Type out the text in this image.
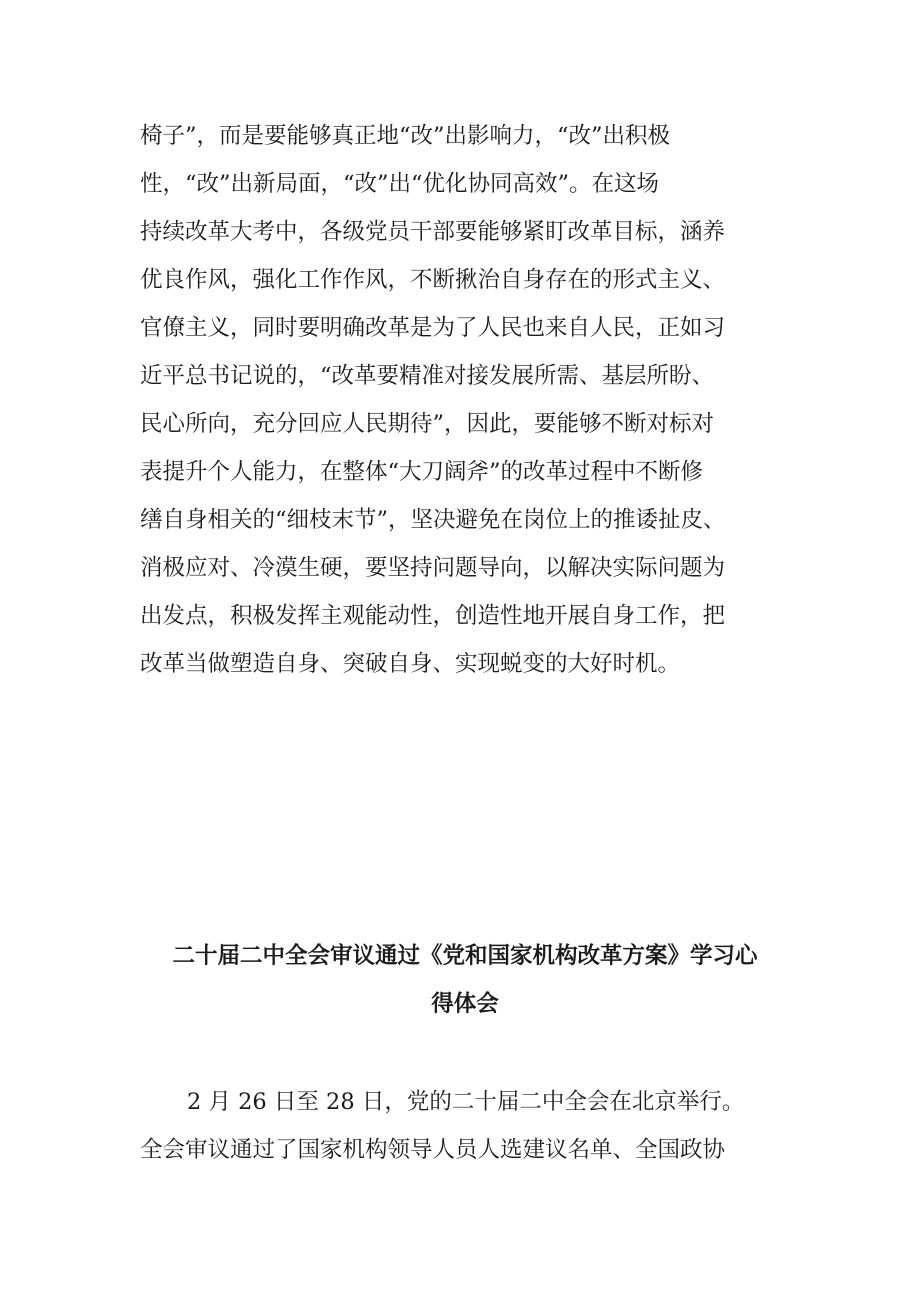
椅子”，而是要能够真正地“改”出影响力，“改”出积极
性，“改”出新局面，“改”出“优化协同高效”。在这场
持续改革大考中，各级党员干部要能够紧盯改革目标，涵养
优良作风，强化工作作风，不断揪治自身存在的形式主义、
官僚主义，同时要明确改革是为了人民也来自人民，正如习
近平总书记说的，“改革要精准对接发展所需、基层所盼、
民心所向，充分回应人民期待”，因此，要能够不断对标对
表提升个人能力，在整体“大刀阔斧”的改革过程中不断修
缮自身相关的“细枝末节”，坚决避免在岗位上的推诿扯皮、
消极应对、冷漠生硬，要坚持问题导向，以解决实际问题为
出发点，积极发挥主观能动性，创造性地开展自身工作，把
改革当做塑造自身、突破自身、实现蜕变的大好时机。
二十届二中全会审议通过《党和国家机构改革方案》学习心
得体会
2 月 26 日至 28 日，党的二十届二中全会在北京举行。
全会审议通过了国家机构领导人员人选建议名单、全国政协
